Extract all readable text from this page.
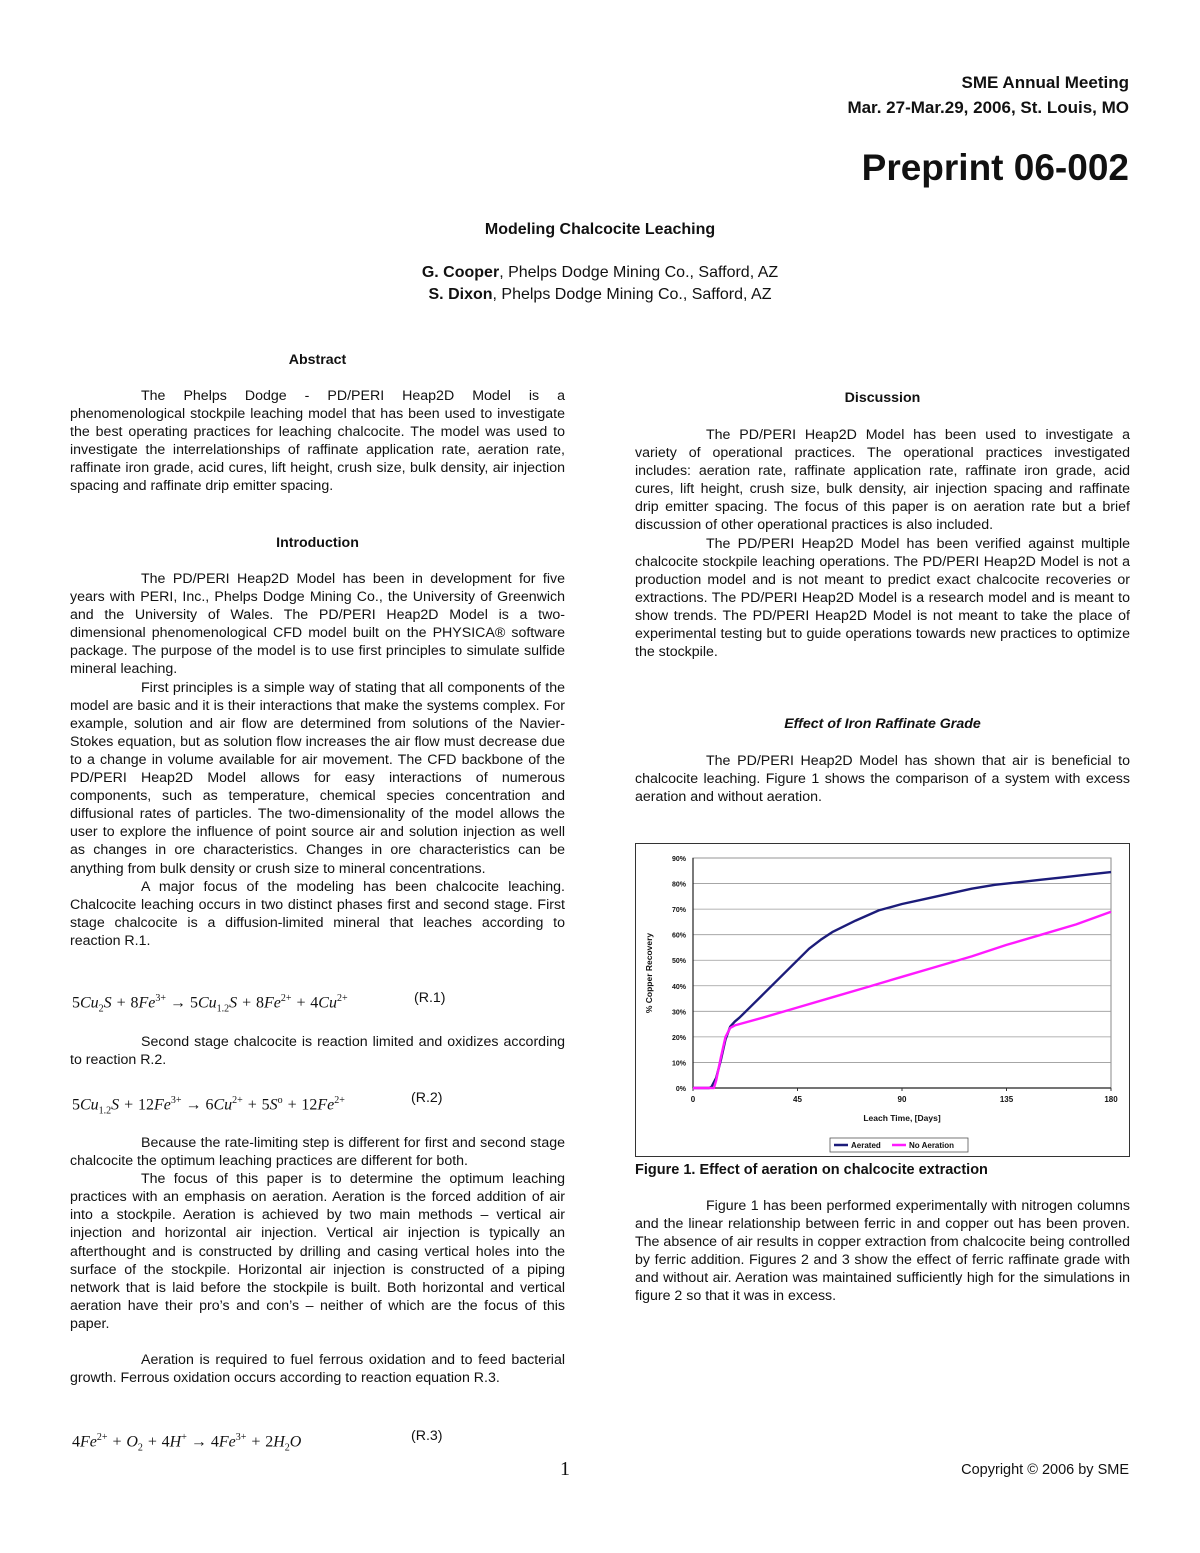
SME Annual Meeting
Mar. 27-Mar.29, 2006, St. Louis, MO
Preprint 06-002
Modeling Chalcocite Leaching
G. Cooper, Phelps Dodge Mining Co., Safford, AZ
S. Dixon, Phelps Dodge Mining Co., Safford, AZ
Abstract

The Phelps Dodge - PD/PERI Heap2D Model is a phenomenological stockpile leaching model that has been used to investigate the best operating practices for leaching chalcocite. The model was used to investigate the interrelationships of raffinate application rate, aeration rate, raffinate iron grade, acid cures, lift height, crush size, bulk density, air injection spacing and raffinate drip emitter spacing.

Introduction

The PD/PERI Heap2D Model has been in development for five years with PERI, Inc., Phelps Dodge Mining Co., the University of Greenwich and the University of Wales. The PD/PERI Heap2D Model is a two-dimensional phenomenological CFD model built on the PHYSICA® software package. The purpose of the model is to use first principles to simulate sulfide mineral leaching.

First principles is a simple way of stating that all components of the model are basic and it is their interactions that make the systems complex. For example, solution and air flow are determined from solutions of the Navier-Stokes equation, but as solution flow increases the air flow must decrease due to a change in volume available for air movement. The CFD backbone of the PD/PERI Heap2D Model allows for easy interactions of numerous components, such as temperature, chemical species concentration and diffusional rates of particles. The two-dimensionality of the model allows the user to explore the influence of point source air and solution injection as well as changes in ore characteristics. Changes in ore characteristics can be anything from bulk density or crush size to mineral concentrations.

A major focus of the modeling has been chalcocite leaching. Chalcocite leaching occurs in two distinct phases first and second stage. First stage chalcocite is a diffusion-limited mineral that leaches according to reaction R.1.

$5Cu_2S + 8Fe^{3+} \to 5Cu_{1.2}S + 8Fe^{2+} + 4Cu^{2+}$	(R.1)

Second stage chalcocite is reaction limited and oxidizes according to reaction R.2.

$5Cu_{1.2}S + 12Fe^{3+} \to 6Cu^{2+} + 5S^o + 12Fe^{2+}$	(R.2)

Because the rate-limiting step is different for first and second stage chalcocite the optimum leaching practices are different for both.

The focus of this paper is to determine the optimum leaching practices with an emphasis on aeration. Aeration is the forced addition of air into a stockpile. Aeration is achieved by two main methods – vertical air injection and horizontal air injection. Vertical air injection is typically an afterthought and is constructed by drilling and casing vertical holes into the surface of the stockpile. Horizontal air injection is constructed of a piping network that is laid before the stockpile is built. Both horizontal and vertical aeration have their pro’s and con’s – neither of which are the focus of this paper.

Aeration is required to fuel ferrous oxidation and to feed bacterial growth. Ferrous oxidation occurs according to reaction equation R.3.

$4Fe^{2+} + O_2 + 4H^+ \to 4Fe^{3+} + 2H_2O$	(R.3)
Discussion

The PD/PERI Heap2D Model has been used to investigate a variety of operational practices. The operational practices investigated includes: aeration rate, raffinate application rate, raffinate iron grade, acid cures, lift height, crush size, bulk density, air injection spacing and raffinate drip emitter spacing. The focus of this paper is on aeration rate but a brief discussion of other operational practices is also included.

The PD/PERI Heap2D Model has been verified against multiple chalcocite stockpile leaching operations. The PD/PERI Heap2D Model is not a production model and is not meant to predict exact chalcocite recoveries or extractions. The PD/PERI Heap2D Model is a research model and is meant to show trends. The PD/PERI Heap2D Model is not meant to take the place of experimental testing but to guide operations towards new practices to optimize the stockpile.

Effect of Iron Raffinate Grade

The PD/PERI Heap2D Model has shown that air is beneficial to chalcocite leaching. Figure 1 shows the comparison of a system with excess aeration and without aeration.

0%
10%
20%
30%
40%
50%
60%
70%
80%
90%
0	45	90	135	180
Leach Time, [Days]
% Copper Recovery
Aerated	No Aeration
Figure 1. Effect of aeration on chalcocite extraction

Figure 1 has been performed experimentally with nitrogen columns and the linear relationship between ferric in and copper out has been proven. The absence of air results in copper extraction from chalcocite being controlled by ferric addition. Figures 2 and 3 show the effect of ferric raffinate grade with and without air. Aeration was maintained sufficiently high for the simulations in figure 2 so that it was in excess.

1	Copyright © 2006 by SME
